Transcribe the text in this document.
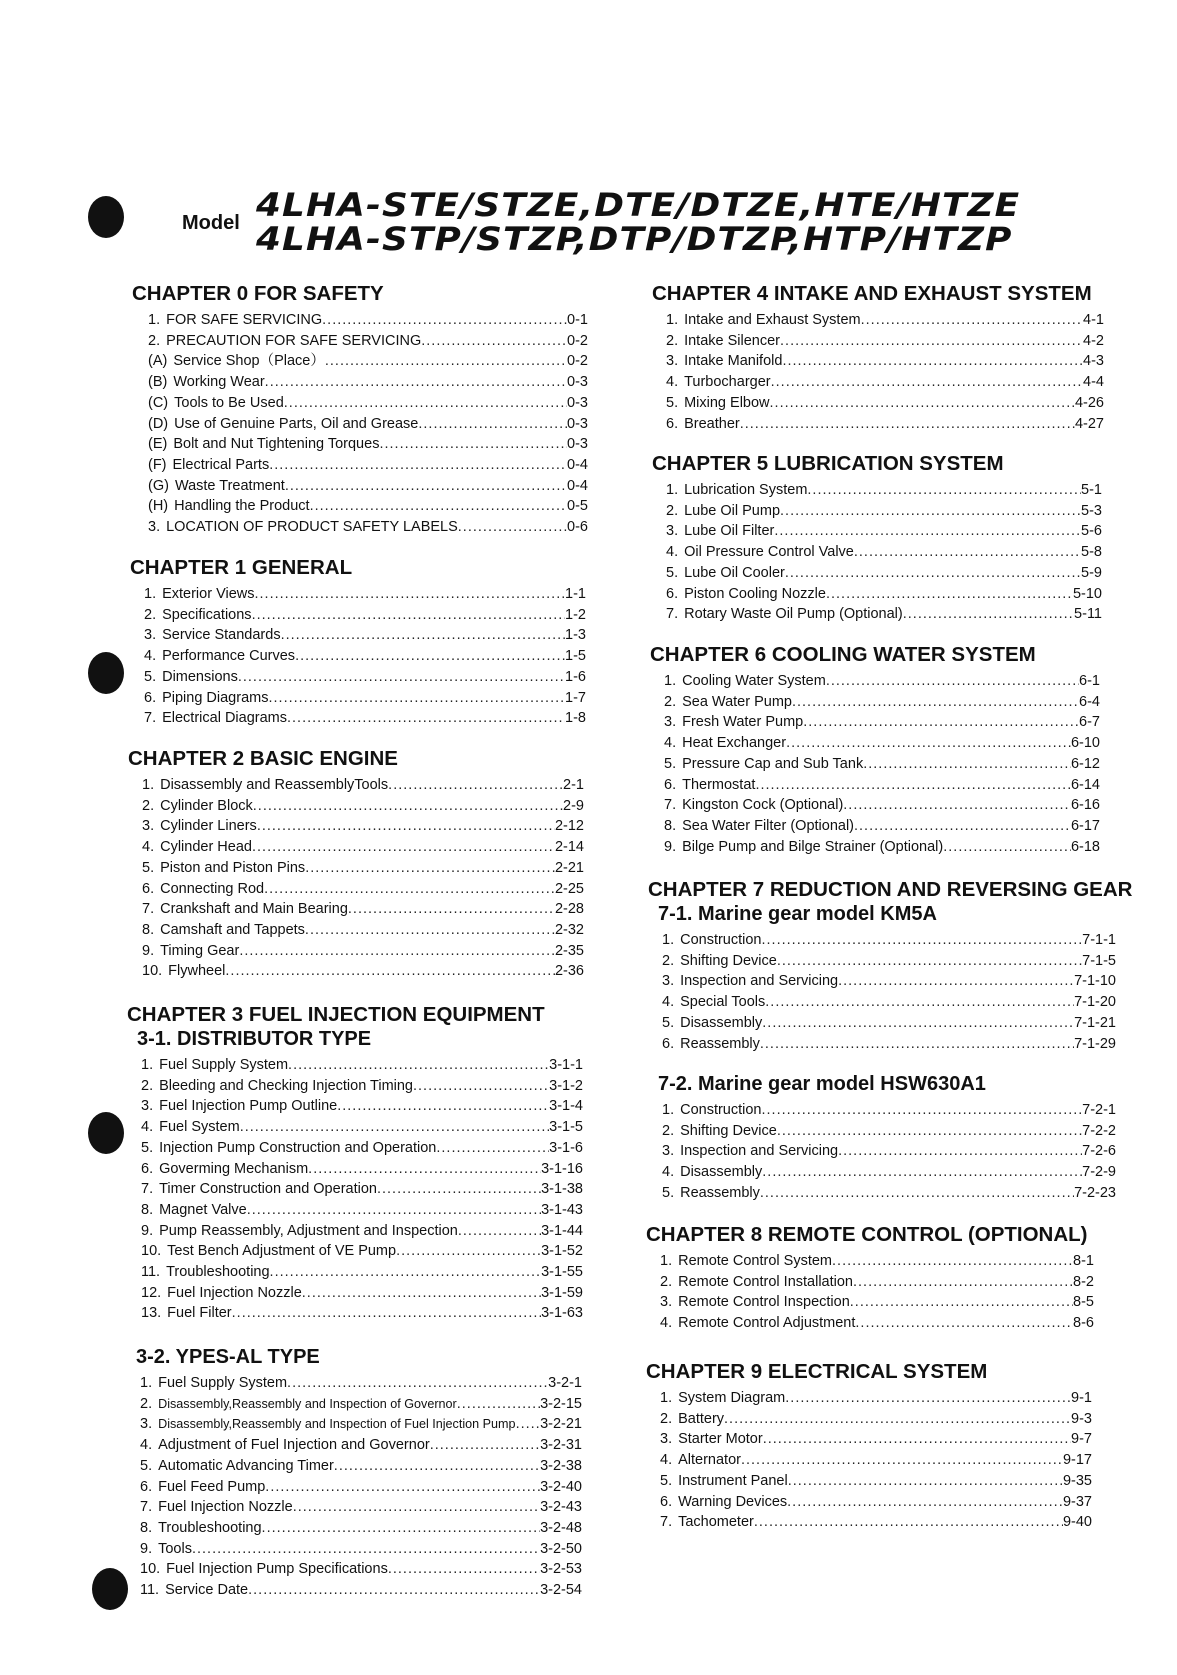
Model 4LHA-STE/STZE,DTE/DTZE,HTE/HTZE
4LHA-STP/STZP,DTP/DTZP,HTP/HTZP
CHAPTER 0 FOR SAFETY
1. FOR SAFE SERVICING .....	0-1
2. PRECAUTION FOR SAFE SERVICING .....	0-2
(A) Service Shop（Place） .....	0-2
(B) Working Wear .....	0-3
(C) Tools to Be Used .....	0-3
(D) Use of Genuine Parts, Oil and Grease .....	0-3
(E) Bolt and Nut Tightening Torques .....	0-3
(F) Electrical Parts .....	0-4
(G) Waste Treatment .....	0-4
(H) Handling the Product .....	0-5
3. LOCATION OF PRODUCT SAFETY LABELS .....	0-6
CHAPTER 1 GENERAL
1. Exterior Views .....	1-1
2. Specifications .....	1-2
3. Service Standards .....	1-3
4. Performance Curves .....	1-5
5. Dimensions .....	1-6
6. Piping Diagrams .....	1-7
7. Electrical Diagrams .....	1-8
CHAPTER 2 BASIC ENGINE
1. Disassembly and ReassemblyTools .....	2-1
2. Cylinder Block .....	2-9
3. Cylinder Liners .....	2-12
4. Cylinder Head .....	2-14
5. Piston and Piston Pins .....	2-21
6. Connecting Rod .....	2-25
7. Crankshaft and Main Bearing .....	2-28
8. Camshaft and Tappets .....	2-32
9. Timing Gear .....	2-35
10. Flywheel .....	2-36
CHAPTER 3 FUEL INJECTION EQUIPMENT
3-1. DISTRIBUTOR TYPE
1. Fuel Supply System .....	3-1-1
2. Bleeding and Checking Injection Timing .....	3-1-2
3. Fuel Injection Pump Outline .....	3-1-4
4. Fuel System .....	3-1-5
5. Injection Pump Construction and Operation .....	3-1-6
6. Goverming Mechanism .....	3-1-16
7. Timer Construction and Operation .....	3-1-38
8. Magnet Valve .....	3-1-43
9. Pump Reassembly, Adjustment and Inspection .....	3-1-44
10. Test Bench Adjustment of VE Pump .....	3-1-52
11. Troubleshooting .....	3-1-55
12. Fuel Injection Nozzle .....	3-1-59
13. Fuel Filter .....	3-1-63
3-2. YPES-AL TYPE
1. Fuel Supply System .....	3-2-1
2. Disassembly,Reassembly and Inspection of Governor .....	3-2-15
3. Disassembly,Reassembly and Inspection of Fuel Injection Pump ..... 3-2-21
4. Adjustment of Fuel Injection and Governor .....	3-2-31
5. Automatic Advancing Timer .....	3-2-38
6. Fuel Feed Pump .....	3-2-40
7. Fuel Injection Nozzle .....	3-2-43
8. Troubleshooting .....	3-2-48
9. Tools .....	3-2-50
10. Fuel Injection Pump Specifications .....	3-2-53
11. Service Date .....	3-2-54
CHAPTER 4 INTAKE AND EXHAUST SYSTEM
1. Intake and Exhaust System .....	4-1
2. Intake Silencer .....	4-2
3. Intake Manifold .....	4-3
4. Turbocharger .....	4-4
5. Mixing Elbow .....	4-26
6. Breather .....	4-27
CHAPTER 5 LUBRICATION SYSTEM
1. Lubrication System .....	5-1
2. Lube Oil Pump .....	5-3
3. Lube Oil Filter .....	5-6
4. Oil Pressure Control Valve .....	5-8
5. Lube Oil Cooler .....	5-9
6. Piston Cooling Nozzle .....	5-10
7. Rotary Waste Oil Pump (Optional) .....	5-11
CHAPTER 6 COOLING WATER SYSTEM
1. Cooling Water System .....	6-1
2. Sea Water Pump .....	6-4
3. Fresh Water Pump .....	6-7
4. Heat Exchanger .....	6-10
5. Pressure Cap and Sub Tank .....	6-12
6. Thermostat .....	6-14
7. Kingston Cock (Optional) .....	6-16
8. Sea Water Filter (Optional) .....	6-17
9. Bilge Pump and Bilge Strainer (Optional) .....	6-18
CHAPTER 7 REDUCTION AND REVERSING GEAR
7-1. Marine gear model KM5A
1. Construction .....	7-1-1
2. Shifting Device .....	7-1-5
3. Inspection and Servicing .....	7-1-10
4. Special Tools .....	7-1-20
5. Disassembly .....	7-1-21
6. Reassembly .....	7-1-29
7-2. Marine gear model HSW630A1
1. Construction .....	7-2-1
2. Shifting Device .....	7-2-2
3. Inspection and Servicing .....	7-2-6
4. Disassembly .....	7-2-9
5. Reassembly .....	7-2-23
CHAPTER 8 REMOTE CONTROL (OPTIONAL)
1. Remote Control System .....	8-1
2. Remote Control Installation .....	8-2
3. Remote Control Inspection .....	8-5
4. Remote Control Adjustment .....	8-6
CHAPTER 9 ELECTRICAL SYSTEM
1. System Diagram .....	9-1
2. Battery .....	9-3
3. Starter Motor .....	9-7
4. Alternator .....	9-17
5. Instrument Panel .....	9-35
6. Warning Devices .....	9-37
7. Tachometer .....	9-40
